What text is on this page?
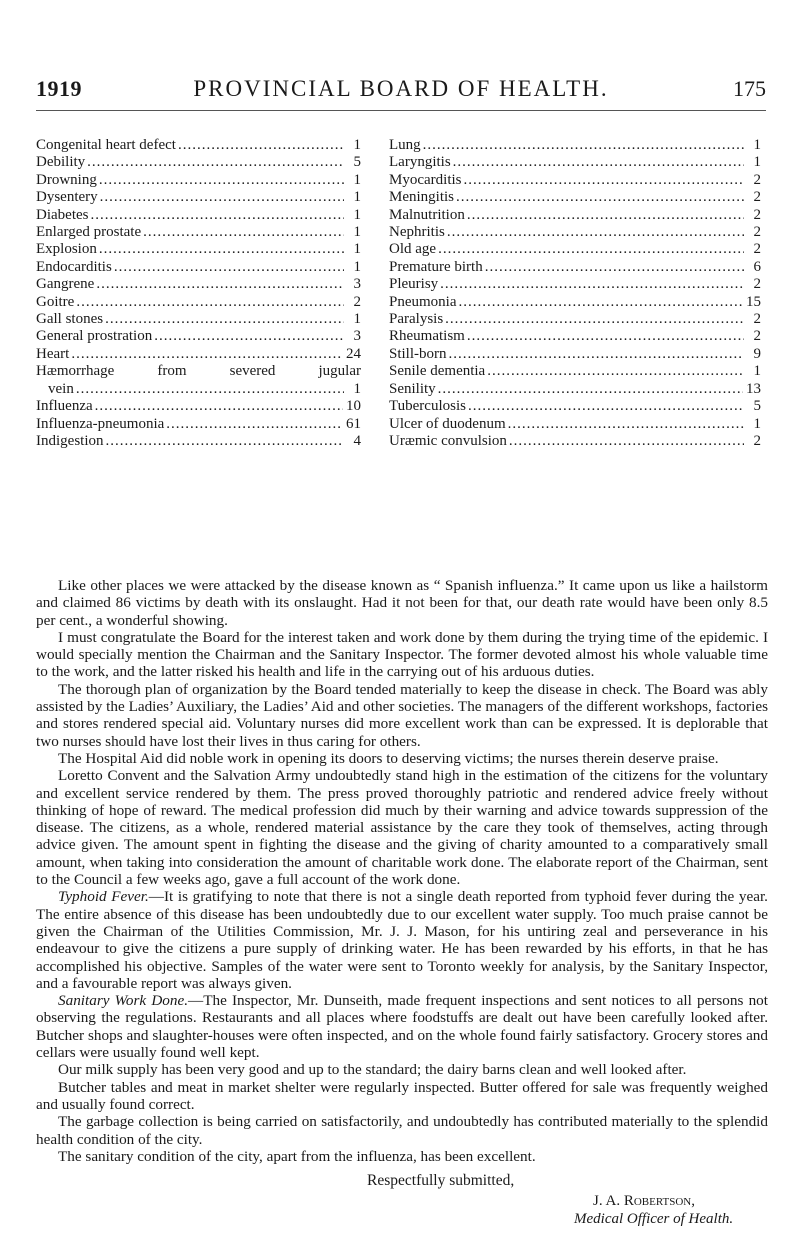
PROVINCIAL BOARD OF HEALTH.
1919	175
Congenital heart defect .....	1
Debility .....	5
Drowning .....	1
Dysentery .....	1
Diabetes .....	1
Enlarged prostate .....	1
Explosion .....	1
Endocarditis .....	1
Gangrene .....	3
Goitre .....	2
Gall stones .....	1
General prostration .....	3
Heart .....	24
Hæmorrhage	from	severed	jugular
vein .....	1
Influenza .....	10
Influenza-pneumonia .....	61
Indigestion .....	4
Lung .....	1
Laryngitis .....	1
Myocarditis .....	2
Meningitis .....	2
Malnutrition .....	2
Nephritis .....	2
Old age .....	2
Premature birth .....	6
Pleurisy .....	2
Pneumonia .....	15
Paralysis .....	2
Rheumatism .....	2
Still-born .....	9
Senile dementia .....	1
Senility .....	13
Tuberculosis .....	5
Ulcer of duodenum .....	1
Uræmic convulsion .....	2

Like other places we were attacked by the disease known as “ Spanish influenza.” It came upon us like a hailstorm and claimed 86 victims by death with its onslaught. Had it not been for that, our death rate would have been only 8.5 per cent., a wonderful showing.

I must congratulate the Board for the interest taken and work done by them during the trying time of the epidemic. I would specially mention the Chairman and the Sanitary Inspector. The former devoted almost his whole valuable time to the work, and the latter risked his health and life in the carrying out of his arduous duties.

The thorough plan of organization by the Board tended materially to keep the disease in check. The Board was ably assisted by the Ladies’ Auxiliary, the Ladies’ Aid and other societies. The managers of the different workshops, factories and stores rendered special aid. Voluntary nurses did more excellent work than can be expressed. It is deplorable that two nurses should have lost their lives in thus caring for others.

The Hospital Aid did noble work in opening its doors to deserving victims; the nurses therein deserve praise.

Loretto Convent and the Salvation Army undoubtedly stand high in the estimation of the citizens for the voluntary and excellent service rendered by them. The press proved thoroughly patriotic and rendered advice freely without thinking of hope of reward. The medical profession did much by their warning and advice towards suppression of the disease. The citizens, as a whole, rendered material assistance by the care they took of themselves, acting through advice given. The amount spent in fighting the disease and the giving of charity amounted to a comparatively small amount, when taking into consideration the amount of charitable work done. The elaborate report of the Chairman, sent to the Council a few weeks ago, gave a full account of the work done.

Typhoid Fever.—It is gratifying to note that there is not a single death reported from typhoid fever during the year. The entire absence of this disease has been undoubtedly due to our excellent water supply. Too much praise cannot be given the Chairman of the Utilities Commission, Mr. J. J. Mason, for his untiring zeal and perseverance in his endeavour to give the citizens a pure supply of drinking water. He has been rewarded by his efforts, in that he has accomplished his objective. Samples of the water were sent to Toronto weekly for analysis, by the Sanitary Inspector, and a favourable report was always given.

Sanitary Work Done.—The Inspector, Mr. Dunseith, made frequent inspections and sent notices to all persons not observing the regulations. Restaurants and all places where foodstuffs are dealt out have been carefully looked after. Butcher shops and slaughter-houses were often inspected, and on the whole found fairly satisfactory. Grocery stores and cellars were usually found well kept.

Our milk supply has been very good and up to the standard; the dairy barns clean and well looked after.

Butcher tables and meat in market shelter were regularly inspected. Butter offered for sale was frequently weighed and usually found correct.

The garbage collection is being carried on satisfactorily, and undoubtedly has contributed materially to the splendid health condition of the city.

The sanitary condition of the city, apart from the influenza, has been excellent.

Respectfully submitted,
J. A. Robertson,
Medical Officer of Health.
